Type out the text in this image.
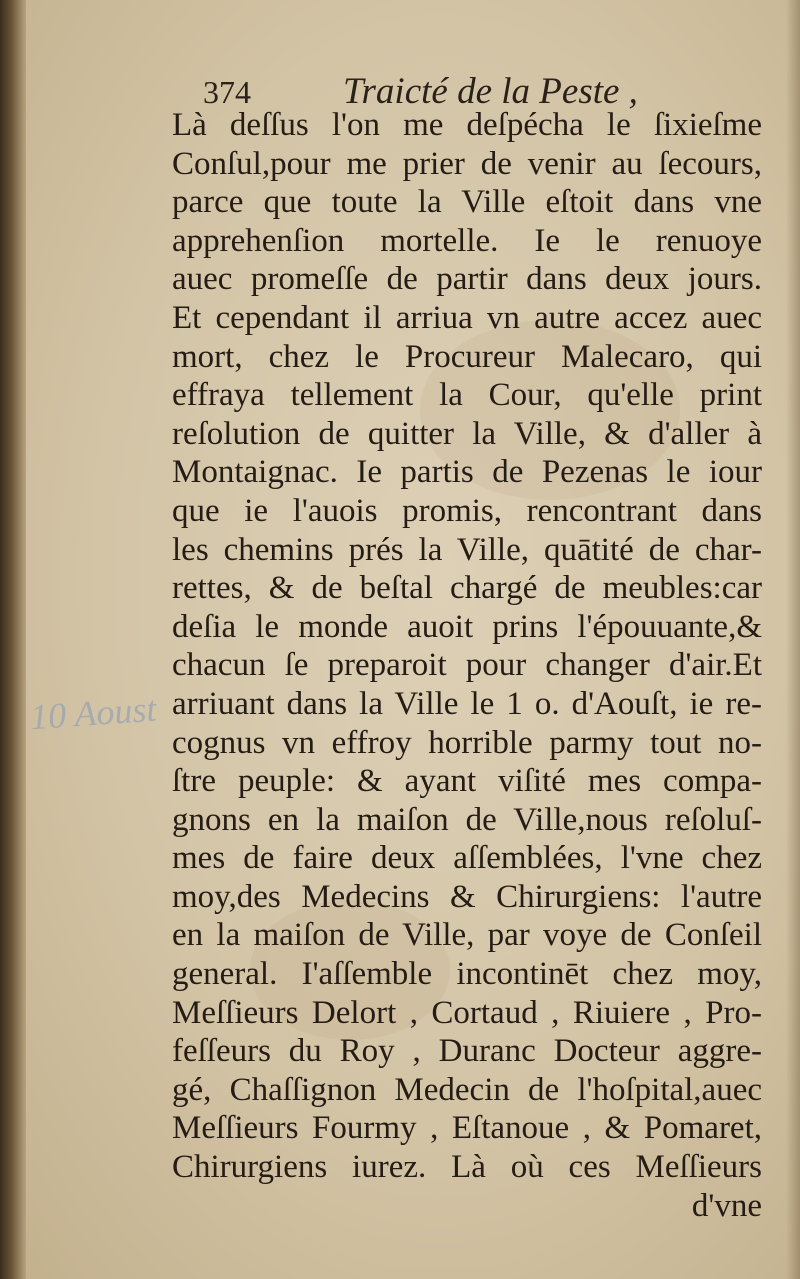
374 Traicté de la Peste ,
10 Aoust
Là deſſus l'on me deſpécha le ſixieſme
Conſul,pour me prier de venir au ſecours,
parce que toute la Ville eſtoit dans vne
apprehenſion mortelle. Ie le renuoye
auec promeſſe de partir dans deux jours.
Et cependant il arriua vn autre accez auec
mort, chez le Procureur Malecaro, qui
effraya tellement la Cour, qu'elle print
reſolution de quitter la Ville, & d'aller à
Montaignac. Ie partis de Pezenas le iour
que ie l'auois promis, rencontrant dans
les chemins prés la Ville, quātité de char-
rettes, & de beſtal chargé de meubles:car
deſia le monde auoit prins l'épouuante,&
chacun ſe preparoit pour changer d'air.Et
arriuant dans la Ville le 1 o. d'Aouſt, ie re-
cognus vn effroy horrible parmy tout no-
ſtre peuple: & ayant viſité mes compa-
gnons en la maiſon de Ville,nous reſoluſ-
mes de faire deux aſſemblées, l'vne chez
moy,des Medecins & Chirurgiens: l'autre
en la maiſon de Ville, par voye de Conſeil
general. I'aſſemble incontinēt chez moy,
Meſſieurs Delort , Cortaud , Riuiere , Pro-
feſſeurs du Roy , Duranc Docteur aggre-
gé, Chaſſignon Medecin de l'hoſpital,auec
Meſſieurs Fourmy , Eſtanoue , & Pomaret,
Chirurgiens iurez. Là où ces Meſſieurs
d'vne
